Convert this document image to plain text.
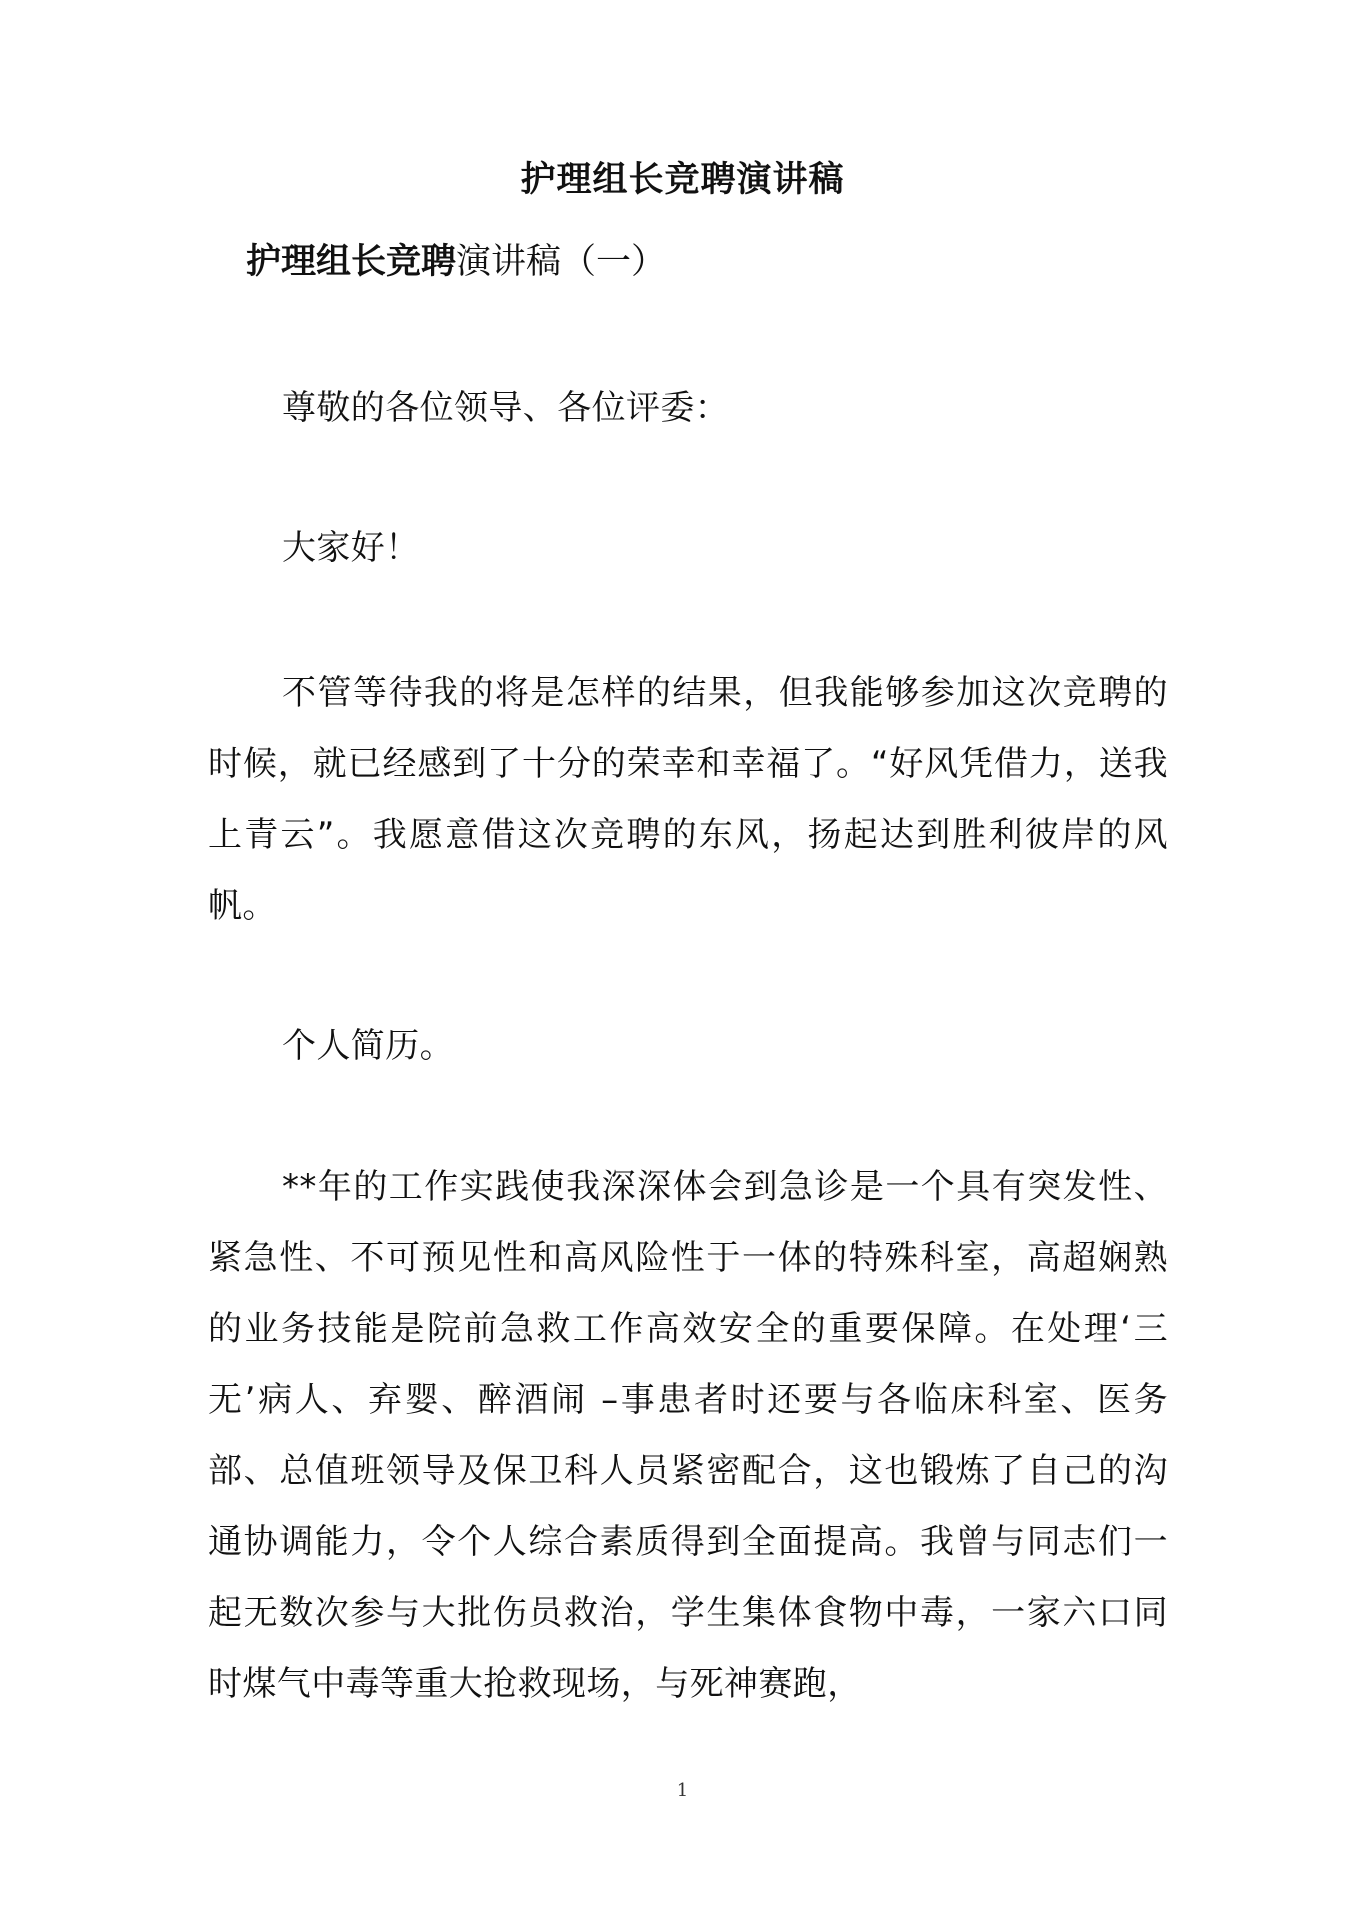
护理组长竞聘演讲稿
护理组长竞聘演讲稿（一）

尊敬的各位领导、各位评委：

大家好！

不管等待我的将是怎样的结果，但我能够参加这次竞聘的时候，就已经感到了十分的荣幸和幸福了。“好风凭借力，送我上青云”。我愿意借这次竞聘的东风，扬起达到胜利彼岸的风帆。

个人简历。

**年的工作实践使我深深体会到急诊是一个具有突发性、紧急性、不可预见性和高风险性于一体的特殊科室，高超娴熟的业务技能是院前急救工作高效安全的重要保障。在处理‘三无’病人、弃婴、醉酒闹 –事患者时还要与各临床科室、医务部、总值班领导及保卫科人员紧密配合，这也锻炼了自己的沟通协调能力，令个人综合素质得到全面提高。我曾与同志们一起无数次参与大批伤员救治，学生集体食物中毒，一家六口同时煤气中毒等重大抢救现场，与死神赛跑，

1
